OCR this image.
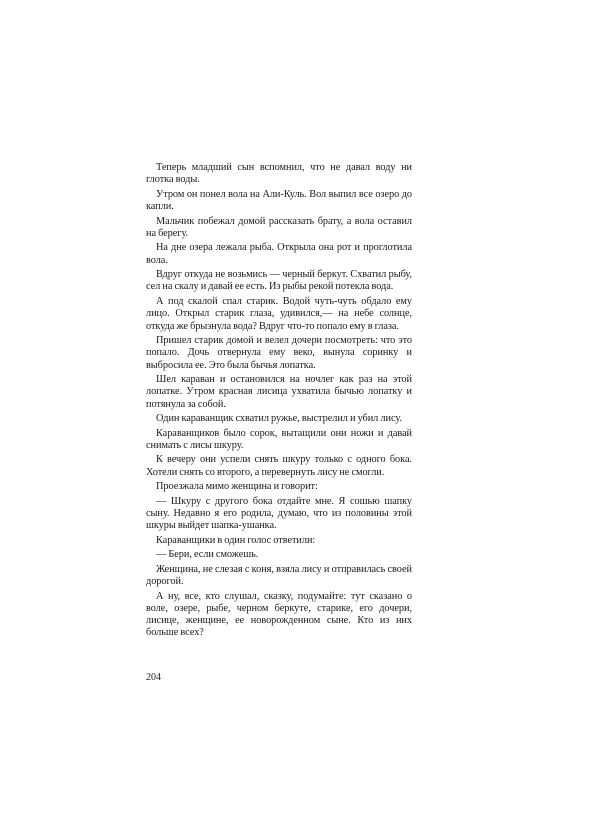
Теперь младший сын вспомнил, что не давал воду ни глотка воды.

Утром он понел вола на Али-Куль. Вол выпил все озеро до капли.

Мальчик побежал домой рассказать брату, а вола оставил на берегу.

На дне озера лежала рыба. Открыла она рот и проглотила вола.

Вдруг откуда не возьмись — черный беркут. Схватил рыбу, сел на скалу и давай ее есть. Из рыбы рекой потекла вода.

А под скалой спал старик. Водой чуть-чуть обдало ему лицо. Открыл старик глаза, удивился,— на небе солнце, откуда же брызнула вода? Вдруг что-то попало ему в глаза.

Пришел старик домой и велел дочери посмотреть: что это попало. Дочь отвернула ему веко, вынула соринку и выбросила ее. Это была бычья лопатка.

Шел караван и остановился на ночлег как раз на этой лопатке. Утром красная лисица ухватила бычью лопатку и потянула за собой.

Один караванщик схватил ружье, выстрелил и убил лису.

Караванщиков было сорок, вытащили они ножи и давай снимать с лисы шкуру.

К вечеру они успели снять шкуру только с одного бока. Хотели снять со второго, а перевернуть лису не смогли.

Проезжала мимо женщина и говорит:

— Шкуру с другого бока отдайте мне. Я сошью шапку сыну. Недавно я его родила, думаю, что из половины этой шкуры выйдет шапка-ушанка.

Караванщики в один голос ответили:

— Бери, если сможешь.

Женщина, не слезая с коня, взяла лису и отправилась своей дорогой.

А ну, все, кто слушал, сказку, подумайте: тут сказано о воле, озере, рыбе, черном беркуте, старике, его дочери, лисице, женщине, ее новорожденном сыне. Кто из них больше всех?

204
